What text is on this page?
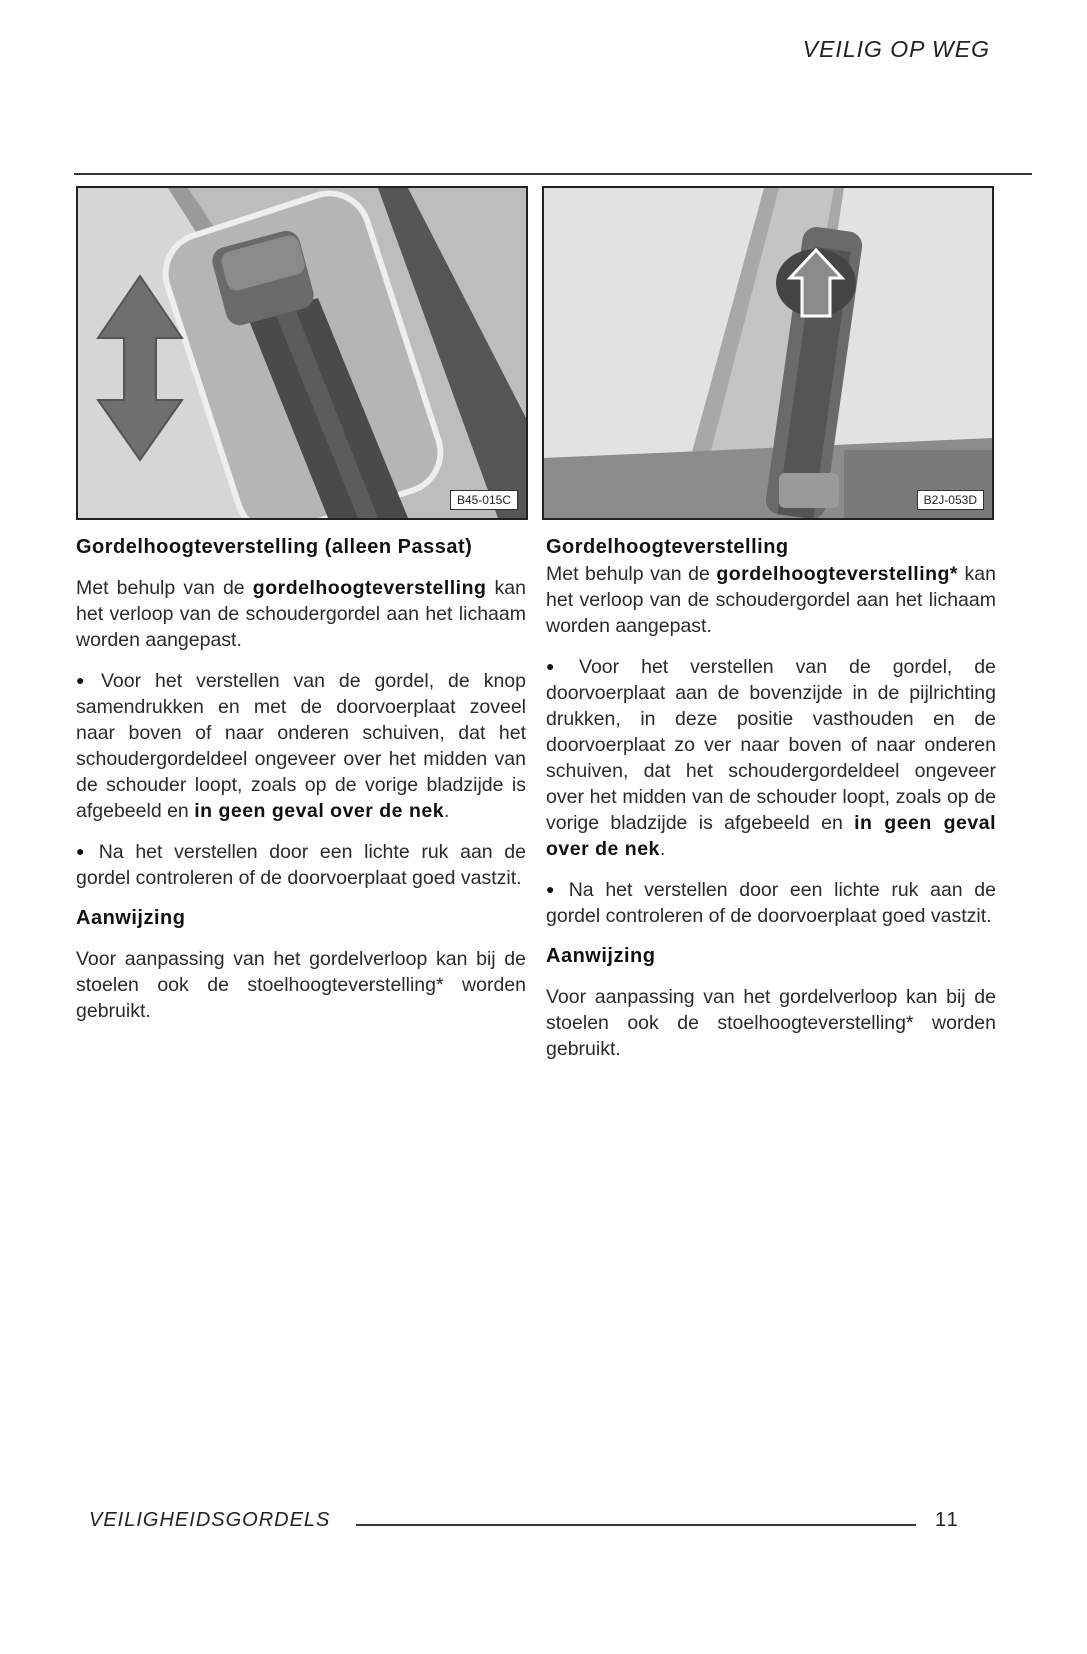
VEILIG OP WEG
B45-015C	B2J-053D
Gordelhoogteverstelling (alleen Passat)

Met behulp van de gordelhoogteverstelling kan het verloop van de schoudergordel aan het lichaam worden aangepast.

● Voor het verstellen van de gordel, de knop samendrukken en met de doorvoerplaat zoveel naar boven of naar onderen schuiven, dat het schoudergordeldeel ongeveer over het midden van de schouder loopt, zoals op de vorige bladzijde is afgebeeld en in geen geval over de nek.

● Na het verstellen door een lichte ruk aan de gordel controleren of de doorvoerplaat goed vastzit.

Aanwijzing

Voor aanpassing van het gordelverloop kan bij de stoelen ook de stoelhoogteverstelling* worden gebruikt.

Gordelhoogteverstelling

Met behulp van de gordelhoogteverstelling* kan het verloop van de schoudergordel aan het lichaam worden aangepast.

● Voor het verstellen van de gordel, de doorvoerplaat aan de bovenzijde in de pijlrichting drukken, in deze positie vasthouden en de doorvoerplaat zo ver naar boven of naar onderen schuiven, dat het schoudergordeldeel ongeveer over het midden van de schouder loopt, zoals op de vorige bladzijde is afgebeeld en in geen geval over de nek.

● Na het verstellen door een lichte ruk aan de gordel controleren of de doorvoerplaat goed vastzit.

Aanwijzing

Voor aanpassing van het gordelverloop kan bij de stoelen ook de stoelhoogteverstelling* worden gebruikt.

VEILIGHEIDSGORDELS	11
